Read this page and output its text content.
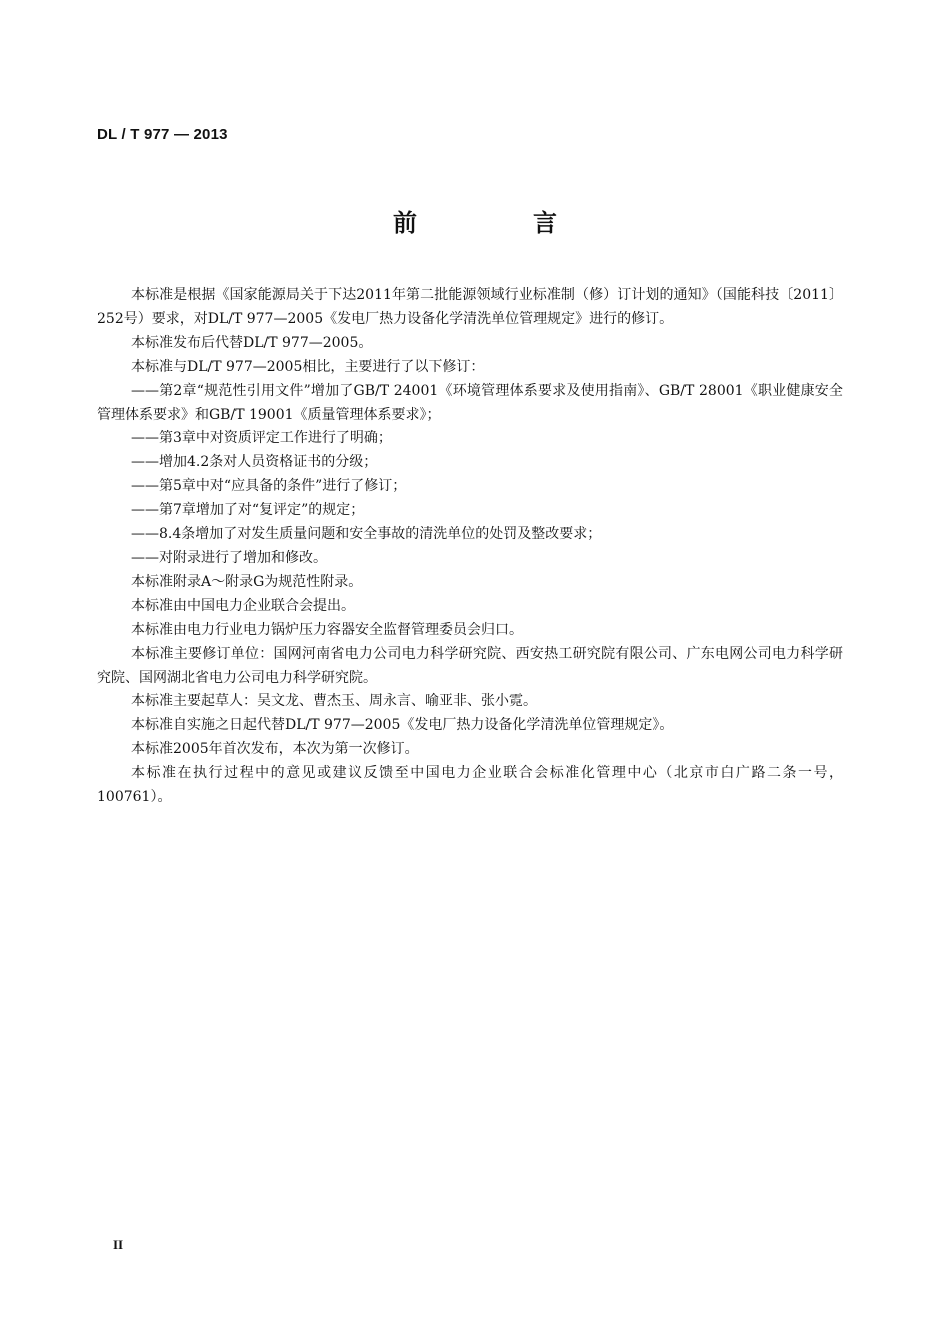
DL / T 977 — 2013
前　言

本标准是根据《国家能源局关于下达2011年第二批能源领域行业标准制（修）订计划的通知》（国能科技〔2011〕252号）要求，对DL/T 977—2005《发电厂热力设备化学清洗单位管理规定》进行的修订。

本标准发布后代替DL/T 977—2005。

本标准与DL/T 977—2005相比，主要进行了以下修订：

——第2章“规范性引用文件”增加了GB/T 24001《环境管理体系要求及使用指南》、GB/T 28001《职业健康安全管理体系要求》和GB/T 19001《质量管理体系要求》；

——第3章中对资质评定工作进行了明确；

——增加4.2条对人员资格证书的分级；

——第5章中对“应具备的条件”进行了修订；

——第7章增加了对“复评定”的规定；

——8.4条增加了对发生质量问题和安全事故的清洗单位的处罚及整改要求；

——对附录进行了增加和修改。

本标准附录A～附录G为规范性附录。

本标准由中国电力企业联合会提出。

本标准由电力行业电力锅炉压力容器安全监督管理委员会归口。

本标准主要修订单位：国网河南省电力公司电力科学研究院、西安热工研究院有限公司、广东电网公司电力科学研究院、国网湖北省电力公司电力科学研究院。

本标准主要起草人：吴文龙、曹杰玉、周永言、喻亚非、张小霓。

本标准自实施之日起代替DL/T 977—2005《发电厂热力设备化学清洗单位管理规定》。

本标准2005年首次发布，本次为第一次修订。

本标准在执行过程中的意见或建议反馈至中国电力企业联合会标准化管理中心（北京市白广路二条一号，100761）。

II
